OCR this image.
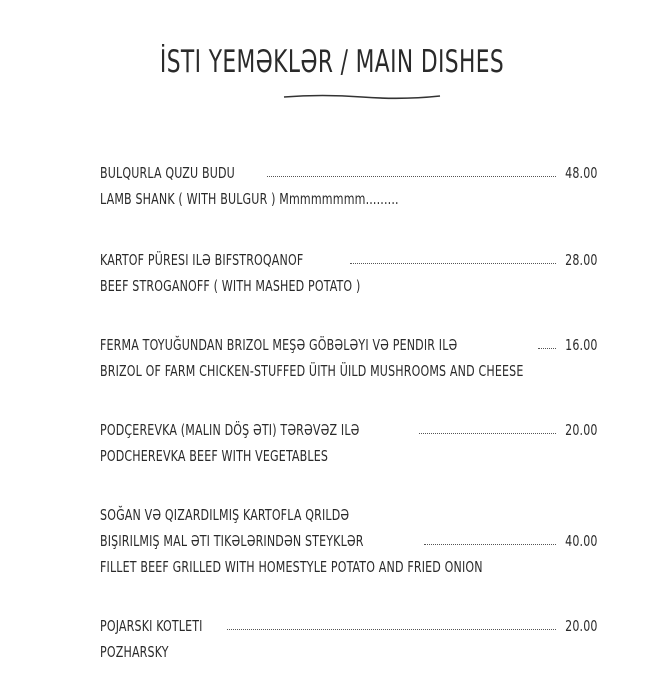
İSTI YEMƏKLƏR / MAIN DISHES
BULQURLA QUZU BUDU	48.00
LAMB SHANK ( WITH BULGUR ) Mmmmmmmm.........
KARTOF PÜRESI ILƏ BIFSTROQANOF	28.00
BEEF STROGANOFF ( WITH MASHED POTATO )
FERMA TOYUĞUNDAN BRIZOL MEŞƏ GÖBƏLƏYI VƏ PENDIR ILƏ	16.00
BRIZOL OF FARM CHICKEN-STUFFED ÜITH ÜILD MUSHROOMS AND CHEESE
PODÇEREVKA (MALIN DÖŞ ƏTI) TƏRƏVƏZ ILƏ	20.00
PODCHEREVKA BEEF WITH VEGETABLES
SOĞAN VƏ QIZARDILMIŞ KARTOFLA QRILDƏ
BIŞIRILMIŞ MAL ƏTI TIKƏLƏRINDƏN STEYKLƏR	40.00
FILLET BEEF GRILLED WITH HOMESTYLE POTATO AND FRIED ONION
POJARSKI KOTLETI	20.00
POZHARSKY
